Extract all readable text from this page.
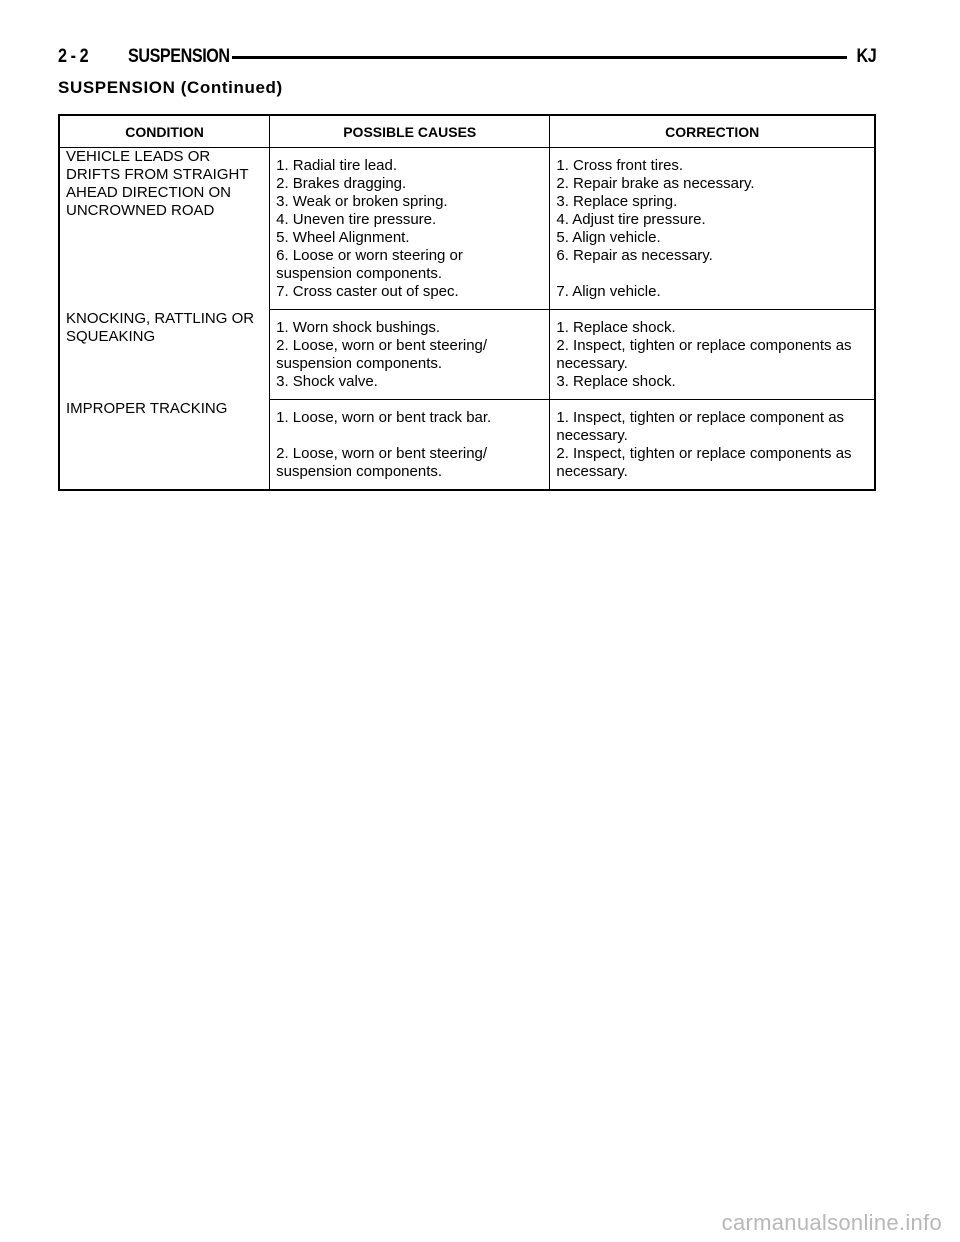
2 - 2	SUSPENSION	KJ
SUSPENSION (Continued)
CONDITION	POSSIBLE CAUSES	CORRECTION
VEHICLE LEADS OR DRIFTS FROM STRAIGHT AHEAD DIRECTION ON UNCROWNED ROAD	1. Radial tire lead.	1. Cross front tires.
	2. Brakes dragging.	2. Repair brake as necessary.
	3. Weak or broken spring.	3. Replace spring.
	4. Uneven tire pressure.	4. Adjust tire pressure.
	5. Wheel Alignment.	5. Align vehicle.
	6. Loose or worn steering or suspension components.	6. Repair as necessary.
	7. Cross caster out of spec.	7. Align vehicle.
KNOCKING, RATTLING OR SQUEAKING	1. Worn shock bushings.	1. Replace shock.
	2. Loose, worn or bent steering/ suspension components.	2. Inspect, tighten or replace components as necessary.
	3. Shock valve.	3. Replace shock.
IMPROPER TRACKING	1. Loose, worn or bent track bar.	1. Inspect, tighten or replace component as necessary.
	2. Loose, worn or bent steering/ suspension components.	2. Inspect, tighten or replace components as necessary.
carmanualsonline.info
